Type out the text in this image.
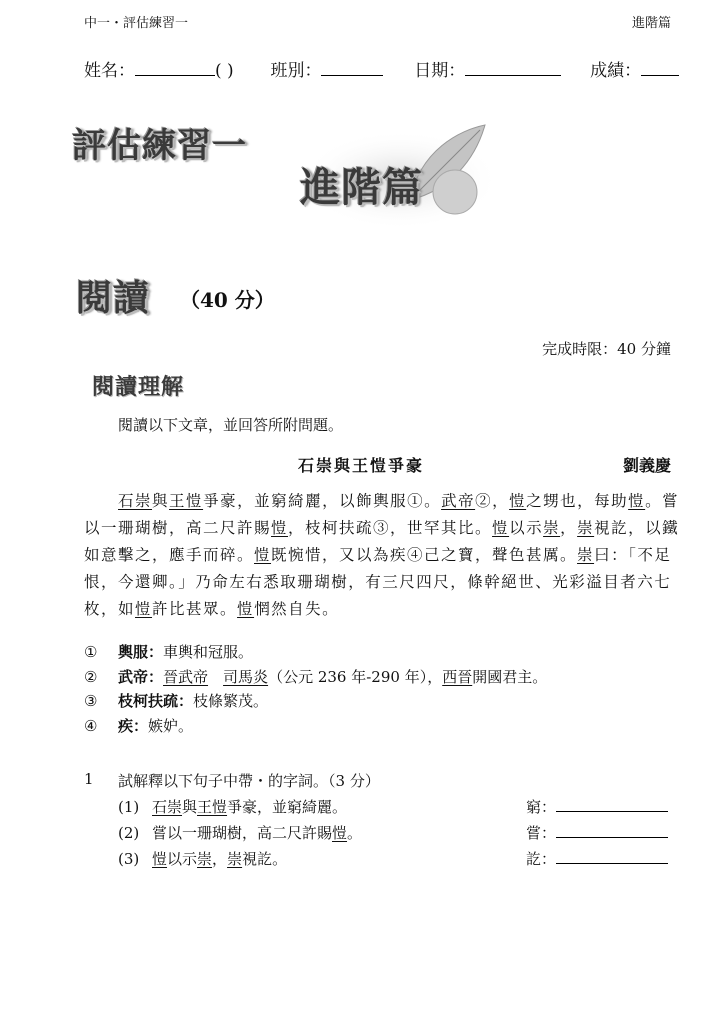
中一・評估練習一	進階篇
姓名：	( ) 班別：	日期：	成績：
評估練習一
進階篇
閱讀 （40 分）
完成時限：40 分鐘
閱讀理解
閱讀以下文章，並回答所附問題。
石崇與王愷爭豪	劉義慶
　　石崇與王愷爭豪，並窮綺麗，以飾輿服①。武帝②，愷之甥也，每助愷。嘗
以一珊瑚樹，高二尺許賜愷，枝柯扶疏③，世罕其比。愷以示崇，崇視訖，以鐵
如意擊之，應手而碎。愷既惋惜，又以為疾④己之寶，聲色甚厲。崇曰：「不足
恨，今還卿。」乃命左右悉取珊瑚樹，有三尺四尺，條幹絕世、光彩溢目者六七
枚，如愷許比甚眾。愷惘然自失。
① 輿服：車輿和冠服。
② 武帝：晉武帝　 司馬炎（公元 236 年-290 年），西晉開國君主。
③ 枝柯扶疏：枝條繁茂。
④ 疾：嫉妒。
1 試解釋以下句子中帶・的字詞。（3 分）
(1) 石崇與王愷爭豪，並窮綺麗。	窮：
(2) 嘗以一珊瑚樹，高二尺許賜愷。	嘗：
(3) 愷以示崇，崇視訖。	訖：
